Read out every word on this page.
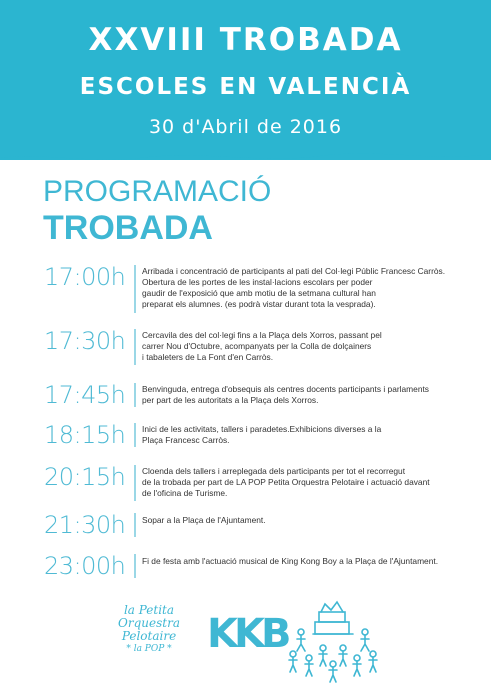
XXVIII TROBADA
ESCOLES EN VALENCIÀ
30 d'Abril de 2016
PROGRAMACIÓ
TROBADA
17:00h Arribada i concentració de participants al pati del Col·legi Públic Francesc Carròs.
Obertura de les portes de les instal·lacions escolars per poder
gaudir de l'exposició que amb motiu de la setmana cultural han
preparat els alumnes. (es podrà vistar durant tota la vesprada).
17:30h Cercavila des del col·legi fins a la Plaça dels Xorros, passant pel
carrer Nou d'Octubre, acompanyats per la Colla de dolçainers
i tabaleters de La Font d'en Carròs.
17:45h Benvinguda, entrega d'obsequis als centres docents participants i parlaments
per part de les autoritats a la Plaça dels Xorros.
18:15h Inici de les activitats, tallers i paradetes.Exhibicions diverses a la
Plaça Francesc Carròs.
20:15h Cloenda dels tallers i arreplegada dels participants per tot el recorregut
de la trobada per part de LA POP Petita Orquestra Pelotaire i actuació davant
de l'oficina de Turisme.
21:30h Sopar a la Plaça de l'Ajuntament.
23:00h Fi de festa amb l'actuació musical de King Kong Boy a la Plaça de l'Ajuntament.
la Petita
Orquestra
Pelotaire
* la POP * KKB
